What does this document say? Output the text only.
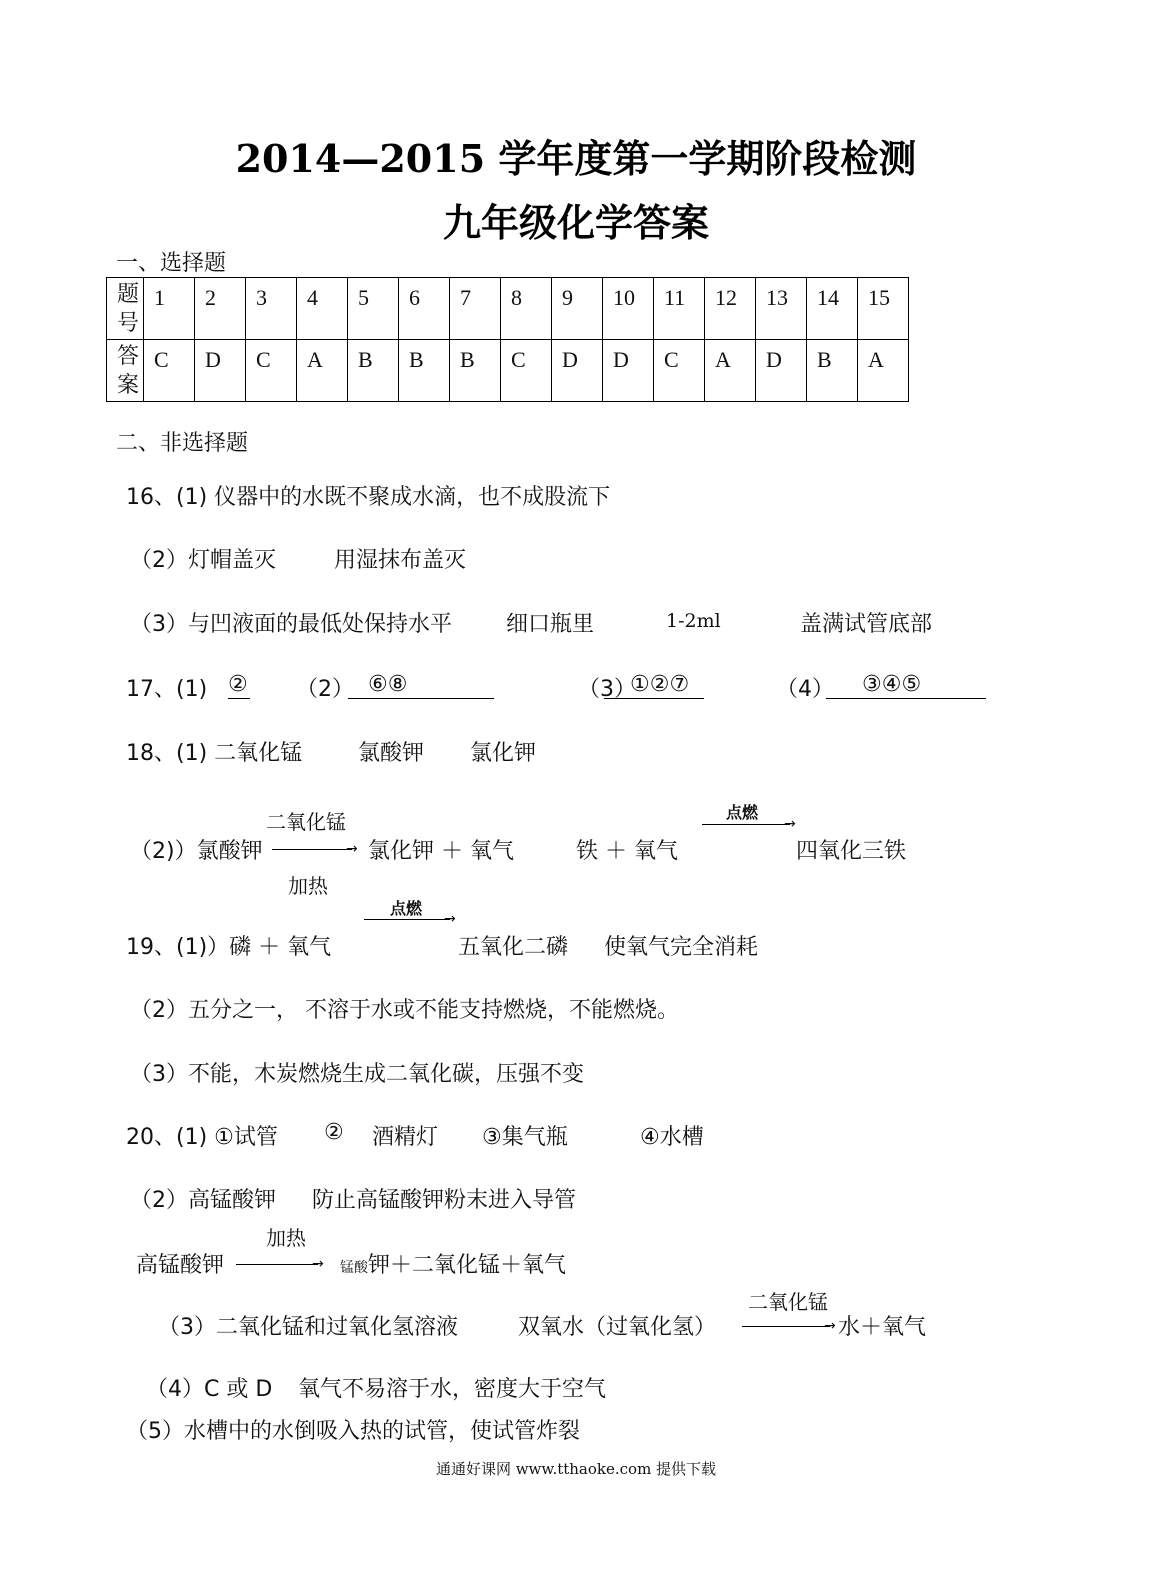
2014—2015 学年度第一学期阶段检测
九年级化学答案
一、选择题
题
号	1	2	3	4	5	6	7	8	9	10	11	12	13	14	15
答
案	C	D	C	A	B	B	B	C	D	D	C	A	D	B	A
二、非选择题
16、(1) 仪器中的水既不聚成水滴，也不成股流下
（2）灯帽盖灭	用湿抹布盖灭
（3）与凹液面的最低处保持水平 细口瓶里	1-2ml	盖满试管底部
17、(1) ② （2） ⑥⑧	（3）
①②⑦	（4）	③④⑤
18、(1) 二氧化锰	氯酸钾 氯化钾
（2)）氯酸钾
二氧化锰
→
加热
氯化钾 ＋ 氧气	铁 ＋ 氧气
点燃
→
四氧化三铁
19、(1)）磷 ＋ 氧气
点燃
→
五氧化二磷 使氧气完全消耗
（2）五分之一， 不溶于水或不能支持燃烧，不能燃烧。
（3）不能，木炭燃烧生成二氧化碳，压强不变
20、(1) ①试管 ② 酒精灯 ③集气瓶	④水槽
（2）高锰酸钾 防止高锰酸钾粉末进入导管
加热
高锰酸钾	→ 锰酸钾＋二氧化锰＋氧气
（3）二氧化锰和过氧化氢溶液	双氧水（过氧化氢）
二氧化锰
→ 水＋氧气
（4）C 或 D 氧气不易溶于水，密度大于空气
（5）水槽中的水倒吸入热的试管，使试管炸裂
通通好课网 www.tthaoke.com 提供下载
